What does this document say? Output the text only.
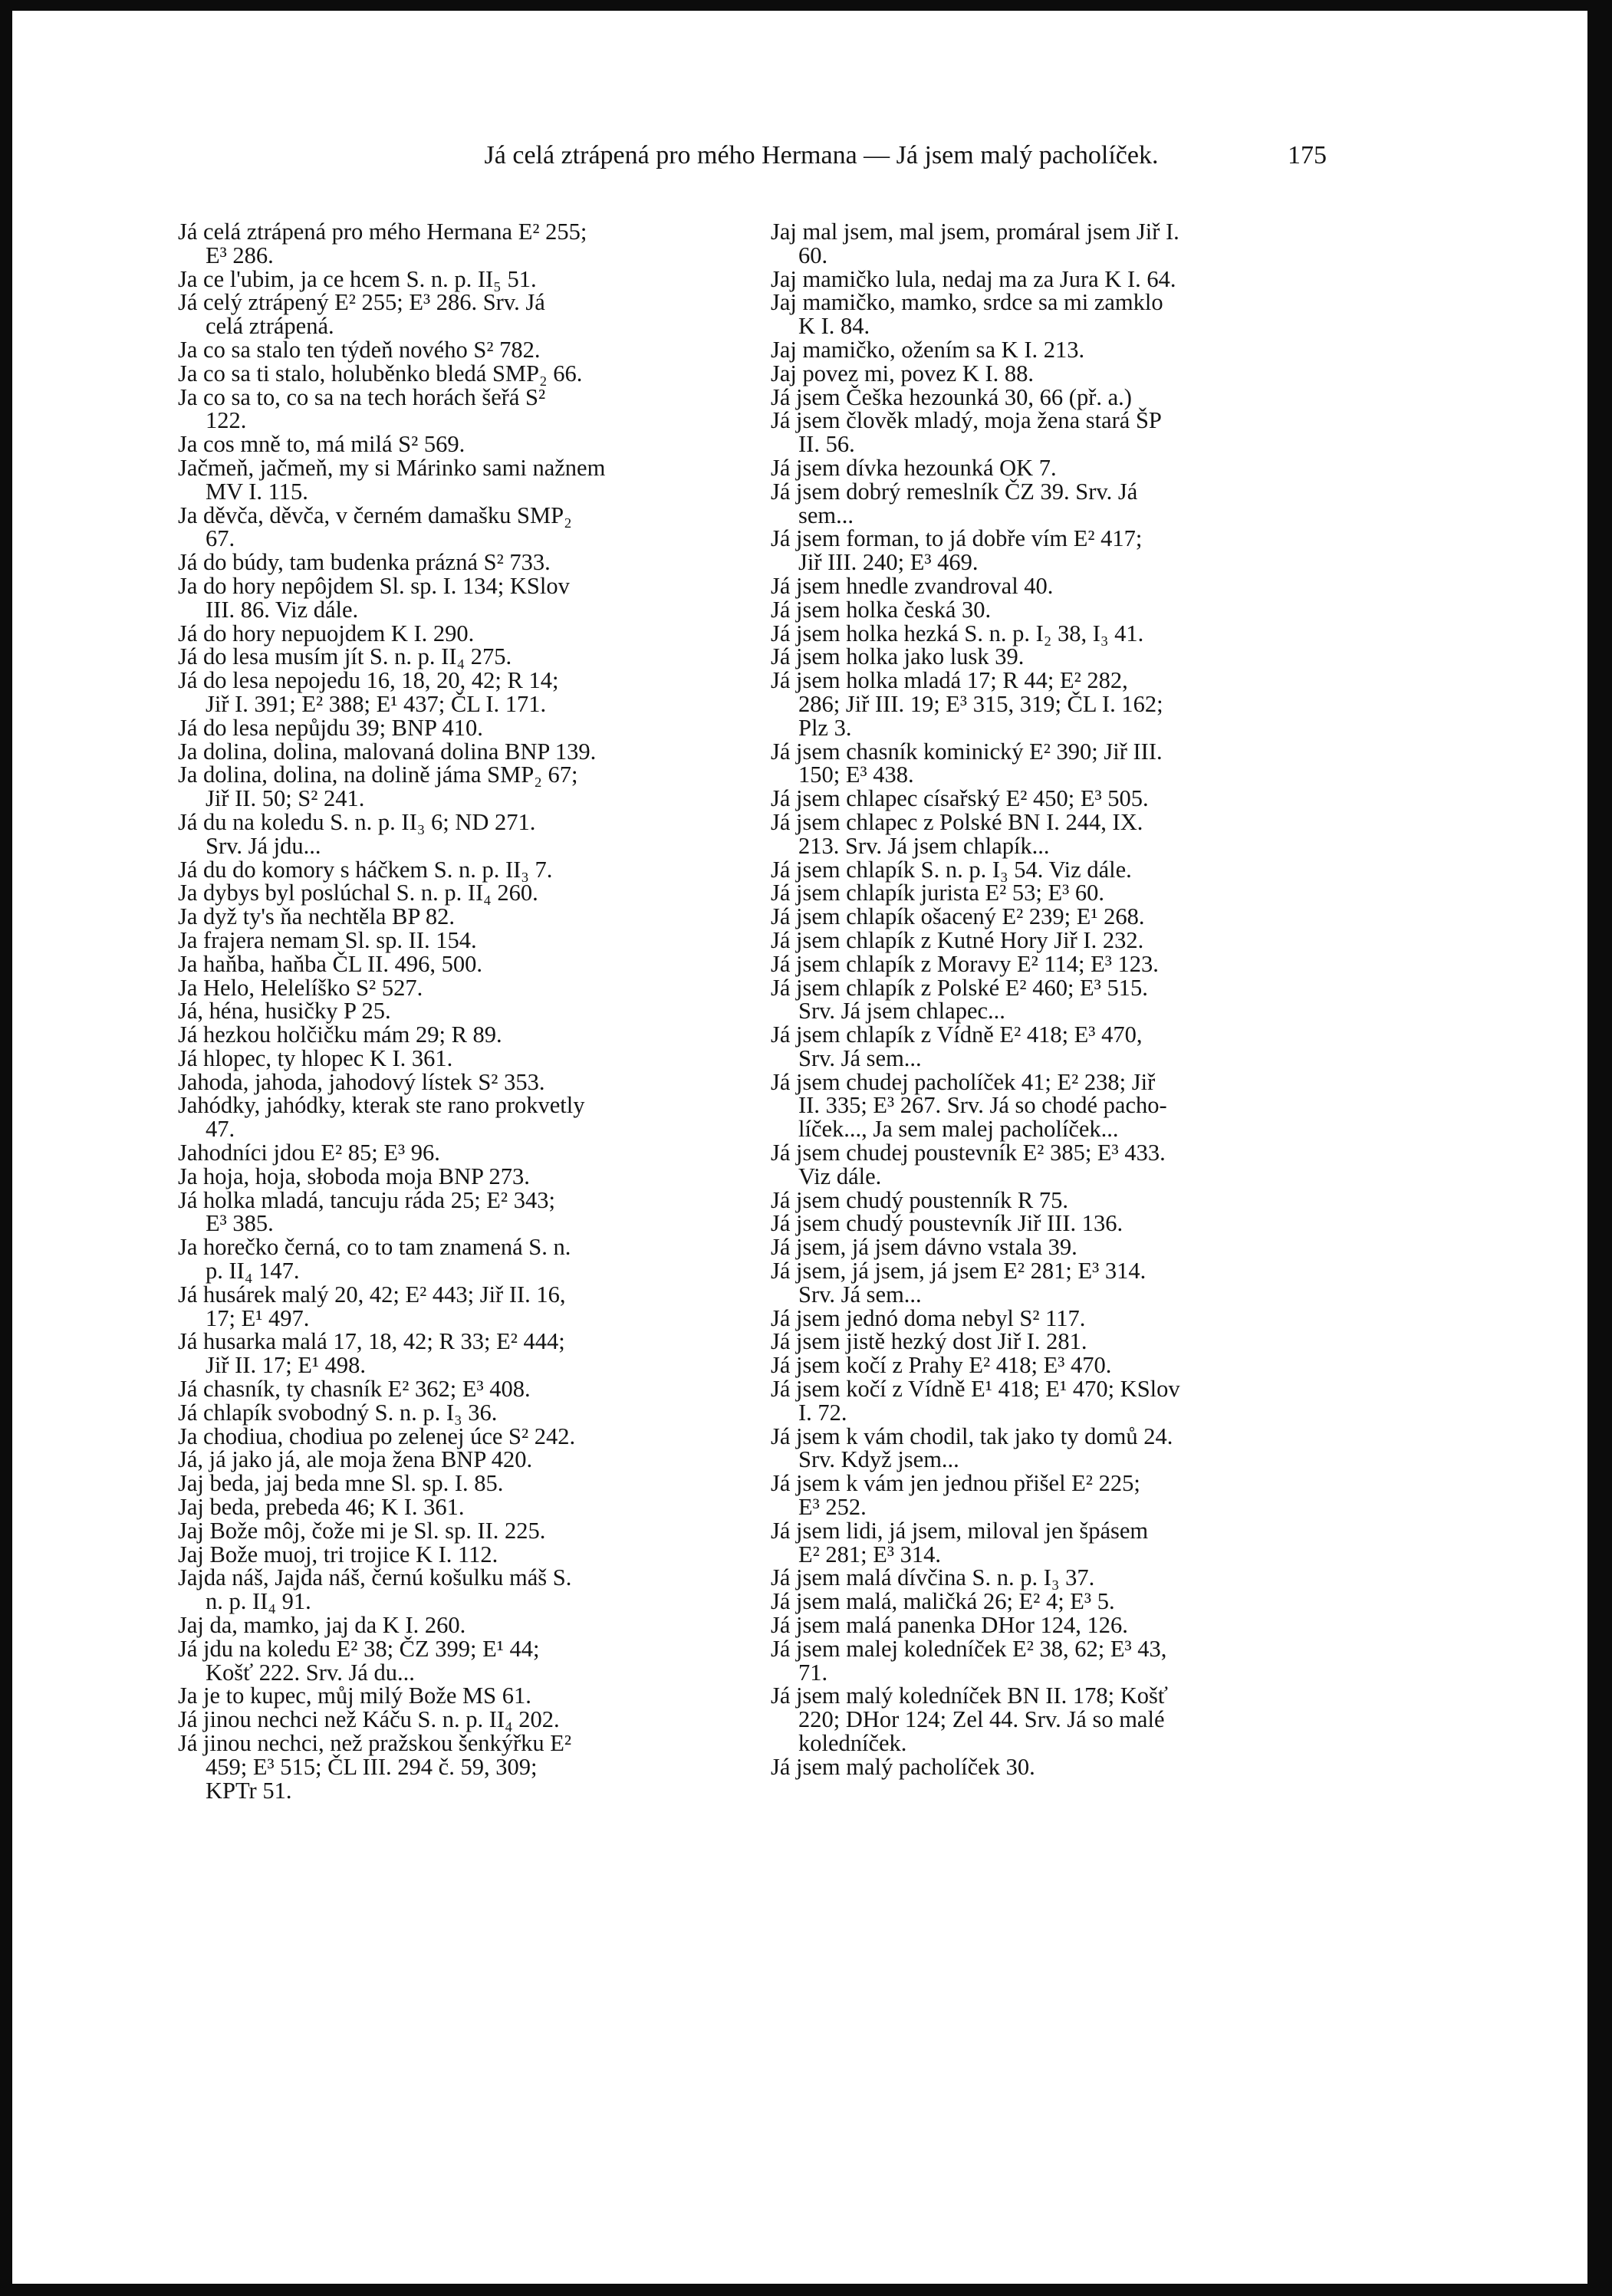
Já celá ztrápená pro mého Hermana — Já jsem malý pacholíček.	175

Já celá ztrápená pro mého Hermana E² 255;
E³ 286.

Ja ce l'ubim, ja ce hcem S. n. p. II₅ 51.

Já celý ztrápený E² 255; E³ 286. Srv. Já
celá ztrápená.

Ja co sa stalo ten týdeň nového S² 782.

Ja co sa ti stalo, holuběnko bledá SMP₂ 66.

Ja co sa to, co sa na tech horách šeřá S²
122.

Ja cos mně to, má milá S² 569.

Jačmeň, jačmeň, my si Márinko sami nažnem
MV I. 115.

Ja děvča, děvča, v černém damašku SMP₂
67.

Já do búdy, tam budenka prázná S² 733.

Ja do hory nepôjdem Sl. sp. I. 134; KSlov
III. 86. Viz dále.

Já do hory nepuojdem K I. 290.

Já do lesa musím jít S. n. p. II₄ 275.

Já do lesa nepojedu 16, 18, 20, 42; R 14;
Jiř I. 391; E² 388; E¹ 437; ČL I. 171.

Já do lesa nepůjdu 39; BNP 410.

Ja dolina, dolina, malovaná dolina BNP 139.

Ja dolina, dolina, na dolině jáma SMP₂ 67;
Jiř II. 50; S² 241.

Já du na koledu S. n. p. II₃ 6; ND 271.
Srv. Já jdu...

Já du do komory s háčkem S. n. p. II₃ 7.

Ja dybys byl poslúchal S. n. p. II₄ 260.

Ja dyž ty's ňa nechtěla BP 82.

Ja frajera nemam Sl. sp. II. 154.

Ja haňba, haňba ČL II. 496, 500.

Ja Helo, Helelíško S² 527.

Já, héna, husičky P 25.

Já hezkou holčičku mám 29; R 89.

Já hlopec, ty hlopec K I. 361.

Jahoda, jahoda, jahodový lístek S² 353.

Jahódky, jahódky, kterak ste rano prokvetly
47.

Jahodníci jdou E² 85; E³ 96.

Ja hoja, hoja, słoboda moja BNP 273.

Já holka mladá, tancuju ráda 25; E² 343;
E³ 385.

Ja horečko černá, co to tam znamená S. n.
p. II₄ 147.

Já husárek malý 20, 42; E² 443; Jiř II. 16,
17; E¹ 497.

Já husarka malá 17, 18, 42; R 33; E² 444;
Jiř II. 17; E¹ 498.

Já chasník, ty chasník E² 362; E³ 408.

Já chlapík svobodný S. n. p. I₃ 36.

Ja chodiua, chodiua po zelenej úce S² 242.

Já, já jako já, ale moja žena BNP 420.

Jaj beda, jaj beda mne Sl. sp. I. 85.

Jaj beda, prebeda 46; K I. 361.

Jaj Bože môj, čože mi je Sl. sp. II. 225.

Jaj Bože muoj, tri trojice K I. 112.

Jajda náš, Jajda náš, černú košulku máš S.
n. p. II₄ 91.

Jaj da, mamko, jaj da K I. 260.

Já jdu na koledu E² 38; ČZ 399; E¹ 44;
Košť 222. Srv. Já du...

Ja je to kupec, můj milý Bože MS 61.

Já jinou nechci než Káču S. n. p. II₄ 202.

Já jinou nechci, než pražskou šenkýřku E²
459; E³ 515; ČL III. 294 č. 59, 309;
KPTr 51.

Jaj mal jsem, mal jsem, promáral jsem Jiř I.
60.

Jaj mamičko lula, nedaj ma za Jura K I. 64.

Jaj mamičko, mamko, srdce sa mi zamklo
K I. 84.

Jaj mamičko, ožením sa K I. 213.

Jaj povez mi, povez K I. 88.

Já jsem Češka hezounká 30, 66 (př. a.)

Já jsem člověk mladý, moja žena stará ŠP
II. 56.

Já jsem dívka hezounká OK 7.

Já jsem dobrý remeslník ČZ 39. Srv. Já
sem...

Já jsem forman, to já dobře vím E² 417;
Jiř III. 240; E³ 469.

Já jsem hnedle zvandroval 40.

Já jsem holka česká 30.

Já jsem holka hezká S. n. p. I₂ 38, I₃ 41.

Já jsem holka jako lusk 39.

Já jsem holka mladá 17; R 44; E² 282,
286; Jiř III. 19; E³ 315, 319; ČL I. 162;
Plz 3.

Já jsem chasník kominický E² 390; Jiř III.
150; E³ 438.

Já jsem chlapec císařský E² 450; E³ 505.

Já jsem chlapec z Polské BN I. 244, IX.
213. Srv. Já jsem chlapík...

Já jsem chlapík S. n. p. I₃ 54. Viz dále.

Já jsem chlapík jurista E² 53; E³ 60.

Já jsem chlapík ošacený E² 239; E¹ 268.

Já jsem chlapík z Kutné Hory Jiř I. 232.

Já jsem chlapík z Moravy E² 114; E³ 123.

Já jsem chlapík z Polské E² 460; E³ 515.
Srv. Já jsem chlapec...

Já jsem chlapík z Vídně E² 418; E³ 470,
Srv. Já sem...

Já jsem chudej pacholíček 41; E² 238; Jiř
II. 335; E³ 267. Srv. Já so chodé pacho-
líček..., Ja sem malej pacholíček...

Já jsem chudej poustevník E² 385; E³ 433.
Viz dále.

Já jsem chudý poustenník R 75.

Já jsem chudý poustevník Jiř III. 136.

Já jsem, já jsem dávno vstala 39.

Já jsem, já jsem, já jsem E² 281; E³ 314.
Srv. Já sem...

Já jsem jednó doma nebyl S² 117.

Já jsem jistě hezký dost Jiř I. 281.

Já jsem kočí z Prahy E² 418; E³ 470.

Já jsem kočí z Vídně E¹ 418; E¹ 470; KSlov
I. 72.

Já jsem k vám chodil, tak jako ty domů 24.
Srv. Když jsem...

Já jsem k vám jen jednou přišel E² 225;
E³ 252.

Já jsem lidi, já jsem, miloval jen špásem
E² 281; E³ 314.

Já jsem malá dívčina S. n. p. I₃ 37.

Já jsem malá, maličká 26; E² 4; E³ 5.

Já jsem malá panenka DHor 124, 126.

Já jsem malej koledníček E² 38, 62; E³ 43,
71.

Já jsem malý koledníček BN II. 178; Košť
220; DHor 124; Zel 44. Srv. Já so malé
koledníček.

Já jsem malý pacholíček 30.
